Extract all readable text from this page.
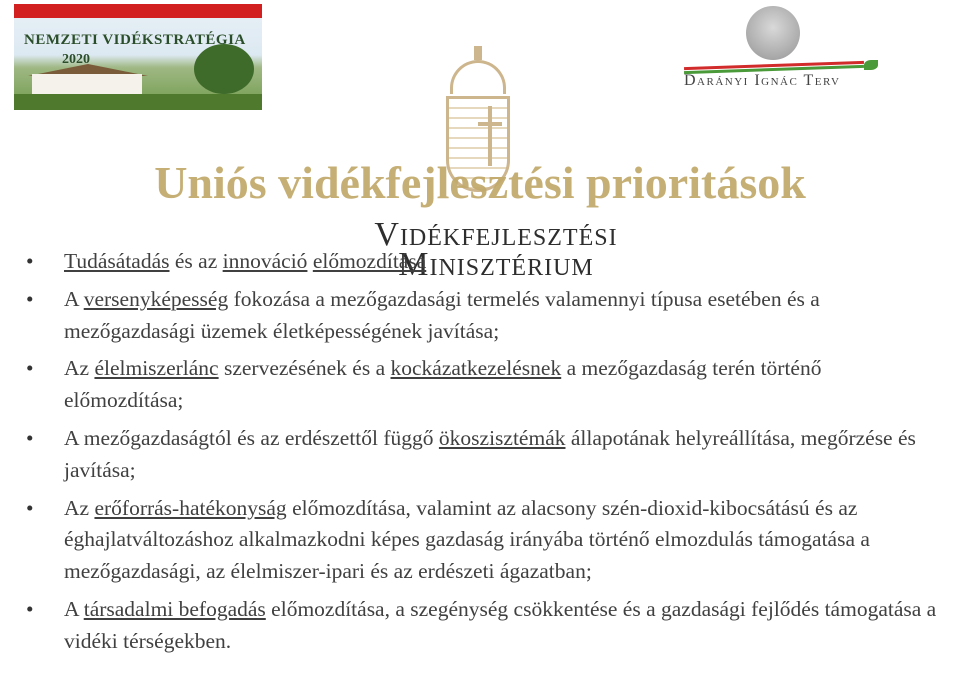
NEMZETI VIDÉKSTRATÉGIA
2020
Darányi Ignác Terv
Uniós vidékfejlesztési prioritások
Vidékfejlesztési
Minisztérium
• Tudásátadás és az innováció előmozdítása
• A versenyképesség fokozása a mezőgazdasági termelés valamennyi típusa esetében és a mezőgazdasági üzemek életképességének javítása;
• Az élelmiszerlánc szervezésének és a kockázatkezelésnek a mezőgazdaság terén történő előmozdítása;
• A mezőgazdaságtól és az erdészettől függő ökoszisztémák állapotának helyreállítása, megőrzése és javítása;
• Az erőforrás-hatékonyság előmozdítása, valamint az alacsony szén-dioxid-kibocsátású és az éghajlatváltozáshoz alkalmazkodni képes gazdaság irányába történő elmozdulás támogatása a mezőgazdasági, az élelmiszer-ipari és az erdészeti ágazatban;
• A társadalmi befogadás előmozdítása, a szegénység csökkentése és a gazdasági fejlődés támogatása a vidéki térségekben.
